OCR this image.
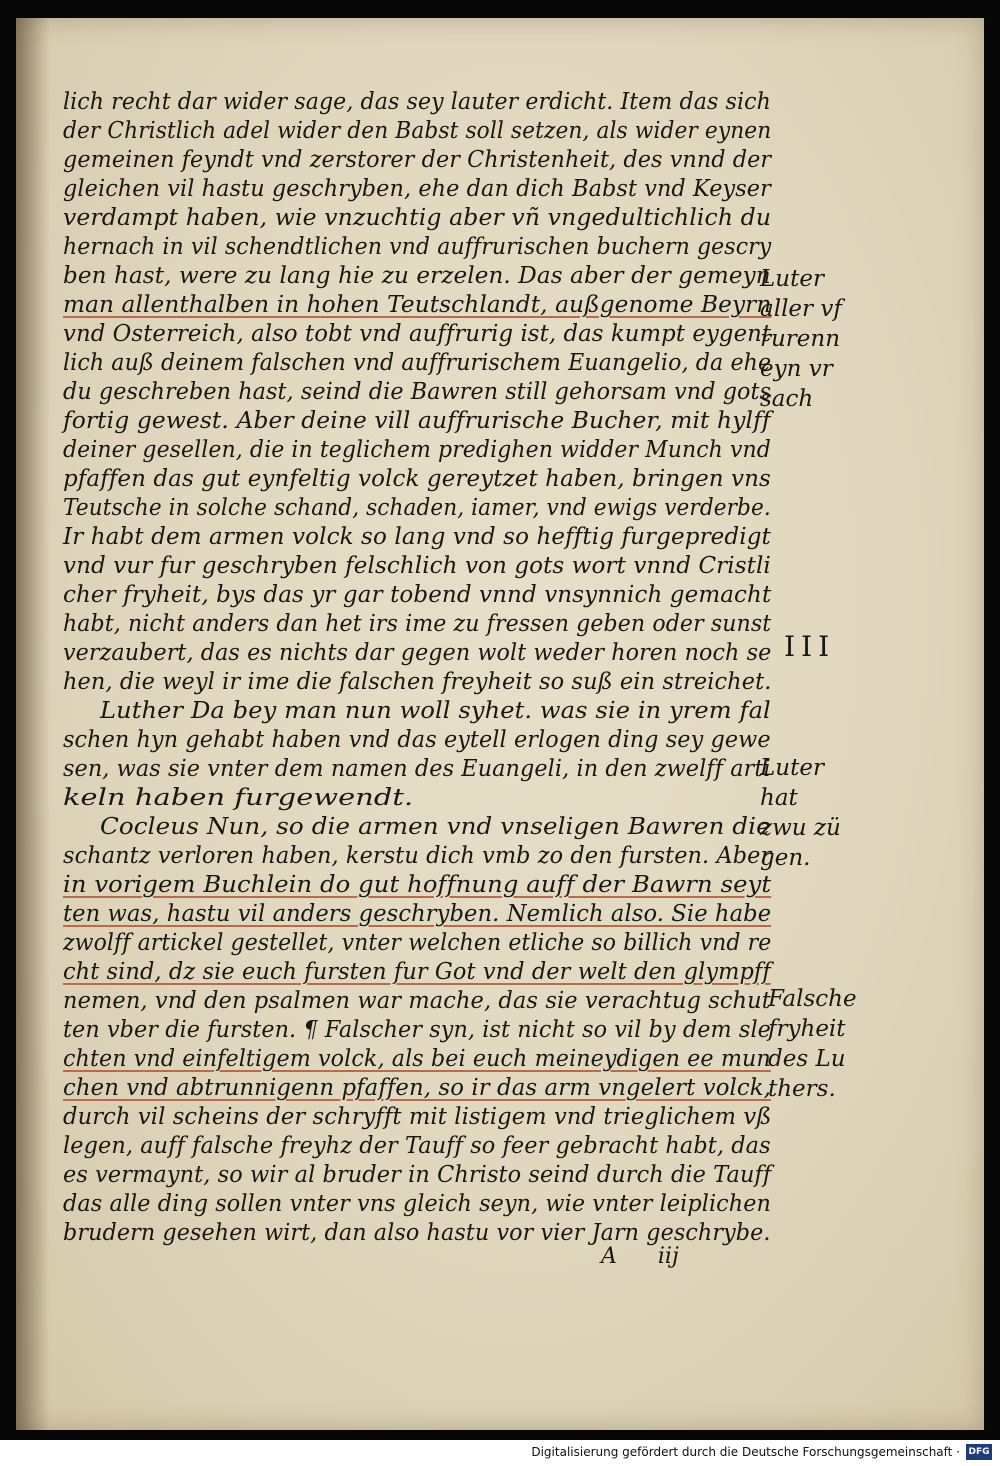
lich recht dar wider sage, das sey lauter erdicht. Item das sich
der Christlich adel wider den Babst soll setzen, als wider eynen
gemeinen feyndt vnd zerstorer der Christenheit, des vnnd der
gleichen vil hastu geschryben, ehe dan dich Babst vnd Keyser
verdampt haben, wie vnzuchtig aber vñ vngedultichlich du
hernach in vil schendtlichen vnd auffrurischen buchern gescry
ben hast, were zu lang hie zu erzelen. Das aber der gemeyn
man allenthalben in hohen Teutschlandt, außgenome Beyrn
vnd Osterreich, also tobt vnd auffrurig ist, das kumpt eygent
lich auß deinem falschen vnd auffrurischem Euangelio, da ehe
du geschreben hast, seind die Bawren still gehorsam vnd gots
fortig gewest. Aber deine vill auffrurische Bucher, mit hylff
deiner gesellen, die in teglichem predighen widder Munch vnd
pfaffen das gut eynfeltig volck gereytzet haben, bringen vns
Teutsche in solche schand, schaden, iamer, vnd ewigs verderbe.
Ir habt dem armen volck so lang vnd so hefftig furgepredigt
vnd vur fur geschryben felschlich von gots wort vnnd Cristli
cher fryheit, bys das yr gar tobend vnnd vnsynnich gemacht
habt, nicht anders dan het irs ime zu fressen geben oder sunst
verzaubert, das es nichts dar gegen wolt weder horen noch se
hen, die weyl ir ime die falschen freyheit so suß ein streichet.
Luther Da bey man nun woll syhet. was sie in yrem fal
schen hyn gehabt haben vnd das eytell erlogen ding sey gewe
sen, was sie vnter dem namen des Euangeli, in den zwelff arti
keln haben furgewendt.
Cocleus Nun, so die armen vnd vnseligen Bawren die
schantz verloren haben, kerstu dich vmb zo den fursten. Aber
in vorigem Buchlein do gut hoffnung auff der Bawrn seyt
ten was, hastu vil anders geschryben. Nemlich also. Sie habe
zwolff artickel gestellet, vnter welchen etliche so billich vnd re
cht sind, dz sie euch fursten fur Got vnd der welt den glympff
nemen, vnd den psalmen war mache, das sie verachtug schut
ten vber die fursten. ¶ Falscher syn, ist nicht so vil by dem sle
chten vnd einfeltigem volck, als bei euch meineydigen ee mun
chen vnd abtrunnigenn pfaffen, so ir das arm vngelert volck,
durch vil scheins der schryfft mit listigem vnd trieglichem vß
legen, auff falsche freyhz der Tauff so feer gebracht habt, das
es vermaynt, so wir al bruder in Christo seind durch die Tauff
das alle ding sollen vnter vns gleich seyn, wie vnter leiplichen
brudern gesehen wirt, dan also hastu vor vier Jarn geschrybe.
Luter
aller vf
rurenn
eyn vr
sach
III
Luter
hat
zwu zü
gen.
Falsche
fryheit
des Lu
thers.
A iij
Digitalisierung gefördert durch die Deutsche Forschungsgemeinschaft · DFG
